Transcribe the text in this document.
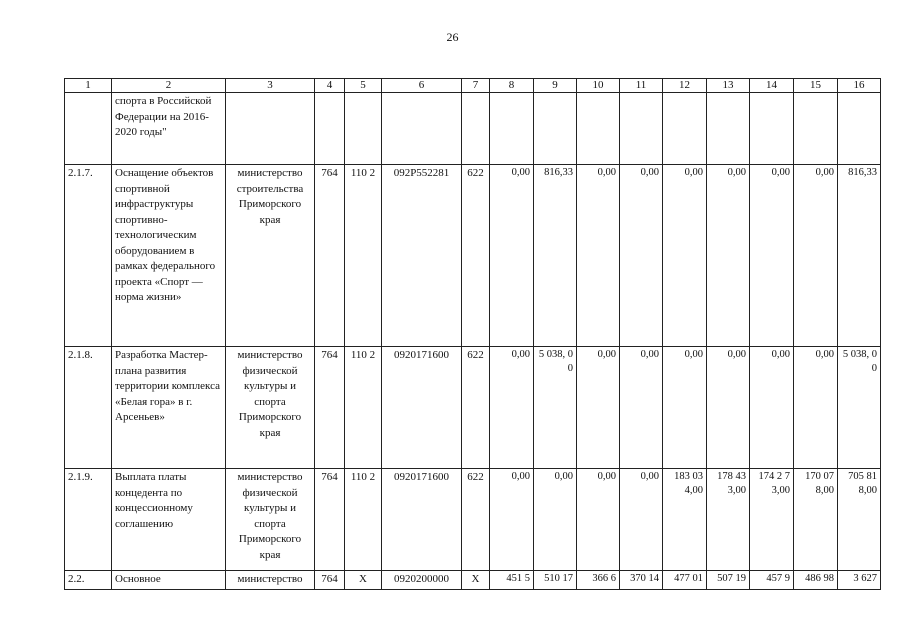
26
1	2	3	4	5	6	7	8	9	10	11	12	13	14	15	16
	спорта в Российской Федерации на 2016-2020 годы"														
2.1.7.	Оснащение объектов спортивной инфраструктуры спортивно-технологическим оборудованием в рамках федерального проекта «Спорт — норма жизни»	министерство строительства Приморского края	764	110 2	092Р552281	622	0,00	816,33	0,00	0,00	0,00	0,00	0,00	0,00	816,33
2.1.8.	Разработка Мастер-плана развития территории комплекса «Белая гора» в г. Арсеньев»	министерство физической культуры и спорта Приморского края	764	110 2	0920171600	622	0,00	5 038, 00	0,00	0,00	0,00	0,00	0,00	0,00	5 038, 00
2.1.9.	Выплата платы концедента по концессионному соглашению	министерство физической культуры и спорта Приморского края	764	110 2	0920171600	622	0,00	0,00	0,00	0,00	183 03 4,00	178 43 3,00	174 2 73,00	170 07 8,00	705 81 8,00
2.2.	Основное	министерство	764	Х	0920200000	Х	451 5	510 17	366 6	370 14	477 01	507 19	457 9	486 98	3 627
